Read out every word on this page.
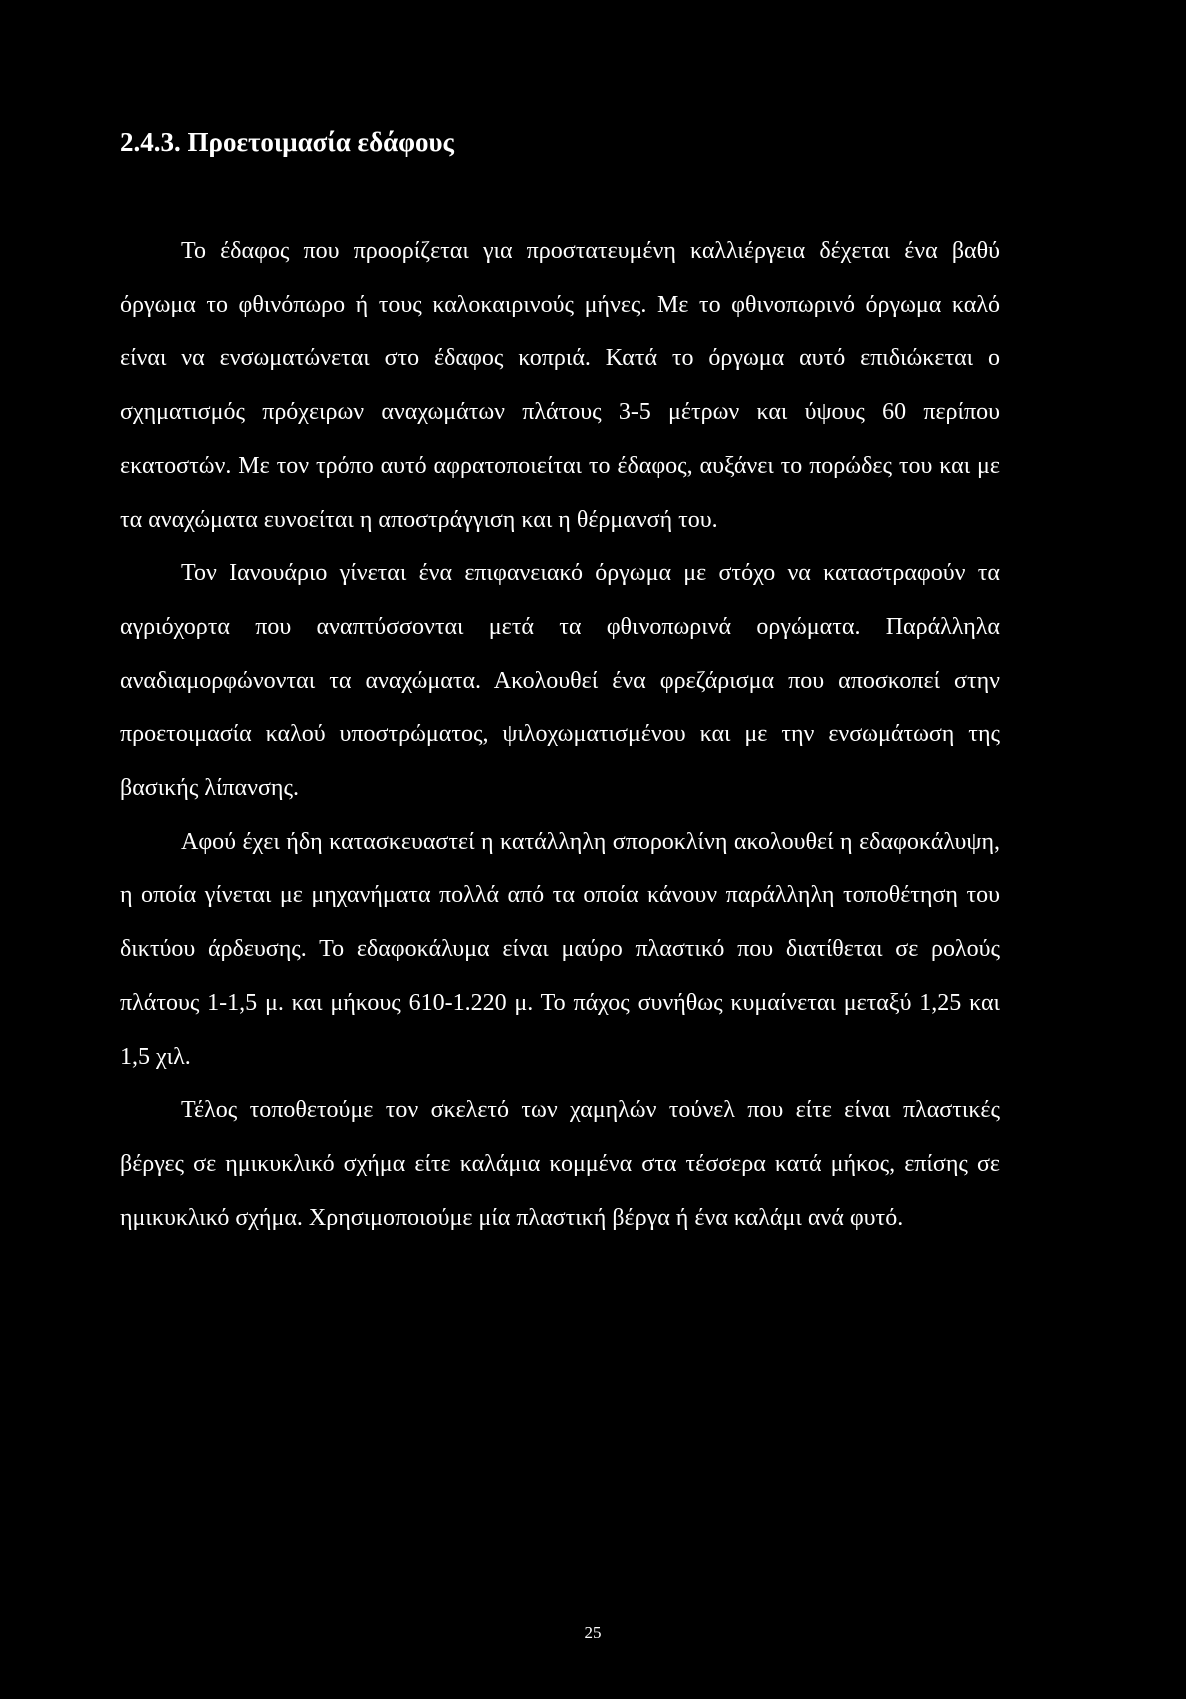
2.4.3. Προετοιμασία εδάφους

Το έδαφος που προορίζεται για προστατευμένη καλλιέργεια δέχεται ένα βαθύ όργωμα το φθινόπωρο ή τους καλοκαιρινούς μήνες. Με το φθινοπωρινό όργωμα καλό είναι να ενσωματώνεται στο έδαφος κοπριά. Κατά το όργωμα αυτό επιδιώκεται ο σχηματισμός πρόχειρων αναχωμάτων πλάτους 3-5 μέτρων και ύψους 60 περίπου εκατοστών. Με τον τρόπο αυτό αφρατοποιείται το έδαφος, αυξάνει το πορώδες του και με τα αναχώματα ευνοείται η αποστράγγιση και η θέρμανσή του.

Τον Ιανουάριο γίνεται ένα επιφανειακό όργωμα με στόχο να καταστραφούν τα αγριόχορτα που αναπτύσσονται μετά τα φθινοπωρινά οργώματα. Παράλληλα αναδιαμορφώνονται τα αναχώματα. Ακολουθεί ένα φρεζάρισμα που αποσκοπεί στην προετοιμασία καλού υποστρώματος, ψιλοχωματισμένου και με την ενσωμάτωση της βασικής λίπανσης.

Αφού έχει ήδη κατασκευαστεί η κατάλληλη σποροκλίνη ακολουθεί η εδαφοκάλυψη, η οποία γίνεται με μηχανήματα πολλά από τα οποία κάνουν παράλληλη τοποθέτηση του δικτύου άρδευσης. Το εδαφοκάλυμα είναι μαύρο πλαστικό που διατίθεται σε ρολούς πλάτους 1-1,5 μ. και μήκους 610-1.220 μ. Το πάχος συνήθως κυμαίνεται μεταξύ 1,25 και 1,5 χιλ.

Τέλος τοποθετούμε τον σκελετό των χαμηλών τούνελ που είτε είναι πλαστικές βέργες σε ημικυκλικό σχήμα είτε καλάμια κομμένα στα τέσσερα κατά μήκος, επίσης σε ημικυκλικό σχήμα. Χρησιμοποιούμε μία πλαστική βέργα ή ένα καλάμι ανά φυτό.

25
